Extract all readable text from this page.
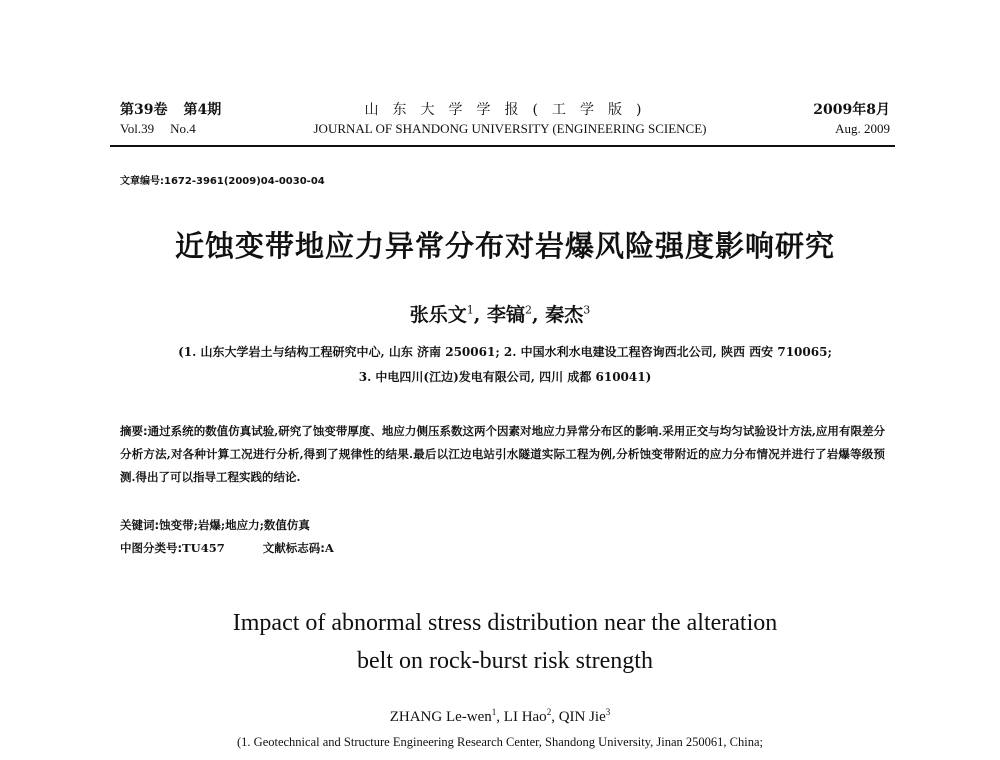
第39卷 第4期	山东大学学报(工学版)	2009年8月
Vol.39 No.4	JOURNAL OF SHANDONG UNIVERSITY (ENGINEERING SCIENCE)	Aug. 2009
文章编号:1672-3961(2009)04-0030-04
近蚀变带地应力异常分布对岩爆风险强度影响研究
张乐文$^1$, 李镐$^2$, 秦杰$^3$
(1. 山东大学岩土与结构工程研究中心, 山东 济南 250061; 2. 中国水利水电建设工程咨询西北公司, 陕西 西安 710065;
3. 中电四川(江边)发电有限公司, 四川 成都 610041)
摘要:通过系统的数值仿真试验,研究了蚀变带厚度、地应力侧压系数这两个因素对地应力异常分布区的影响.采用正交与均匀试验设计方法,应用有限差分分析方法,对各种计算工况进行分析,得到了规律性的结果.最后以江边电站引水隧道实际工程为例,分析蚀变带附近的应力分布情况并进行了岩爆等级预测.得出了可以指导工程实践的结论.
关键词:蚀变带;岩爆;地应力;数值仿真
中图分类号:TU457	文献标志码:A
Impact of abnormal stress distribution near the alteration
belt on rock-burst risk strength
ZHANG Le-wen$^1$, LI Hao$^2$, QIN Jie$^3$
(1. Geotechnical and Structure Engineering Research Center, Shandong University, Jinan 250061, China;
